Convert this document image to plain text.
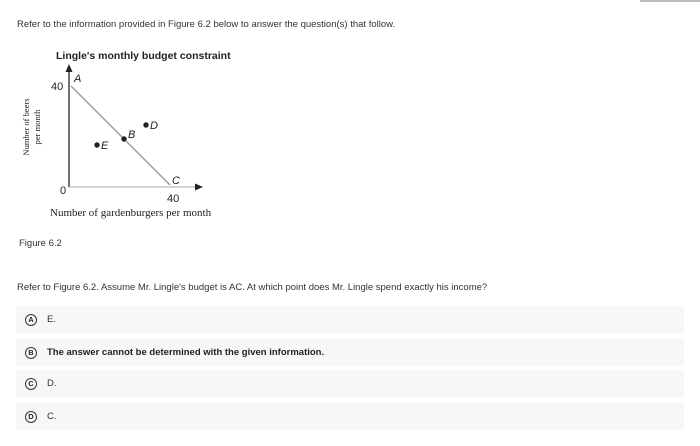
Refer to the information provided in Figure 6.2 below to answer the question(s) that follow.
Lingle's monthly budget constraint
Number of beers per month
40
A
0
40
C
B
D
E
Number of gardenburgers per month
Figure 6.2
Refer to Figure 6.2. Assume Mr. Lingle's budget is AC. At which point does Mr. Lingle spend exactly his income?
A	E.
B	The answer cannot be determined with the given information.
C	D.
D	C.
